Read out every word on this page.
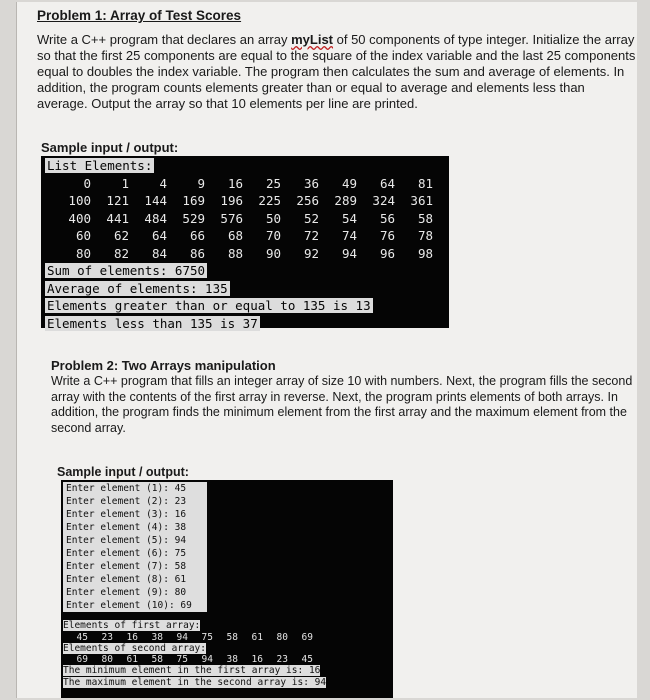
Problem 1: Array of Test Scores
Write a C++ program that declares an array myList of 50 components of type integer. Initialize the array so that the first 25 components are equal to the square of the index variable and the last 25 components equal to doubles the index variable. The program then calculates the sum and average of elements. In addition, the program counts elements greater than or equal to average and elements less than average. Output the array so that 10 elements per line are printed.
Sample input / output:
List Elements:
0	1	4	9	16	25	36	49	64	81
100	121	144	169	196	225	256	289	324	361
400	441	484	529	576	50	52	54	56	58
60	62	64	66	68	70	72	74	76	78
80	82	84	86	88	90	92	94	96	98
Sum of elements: 6750
Average of elements: 135
Elements greater than or equal to 135 is 13
Elements less than 135 is 37
Problem 2: Two Arrays manipulation
Write a C++ program that fills an integer array of size 10 with numbers. Next, the program fills the second array with the contents of the first array in reverse. Next, the program prints elements of both arrays. In addition, the program finds the minimum element from the first array and the maximum element from the second array.
Sample input / output:
Enter element (1): 45
Enter element (2): 23
Enter element (3): 16
Enter element (4): 38
Enter element (5): 94
Enter element (6): 75
Enter element (7): 58
Enter element (8): 61
Enter element (9): 80
Enter element (10): 69
Elements of first array:
45	23	16	38	94	75	58	61	80	69
Elements of second array:
69	80	61	58	75	94	38	16	23	45
The minimum element in the first array is: 16
The maximum element in the second array is: 94
